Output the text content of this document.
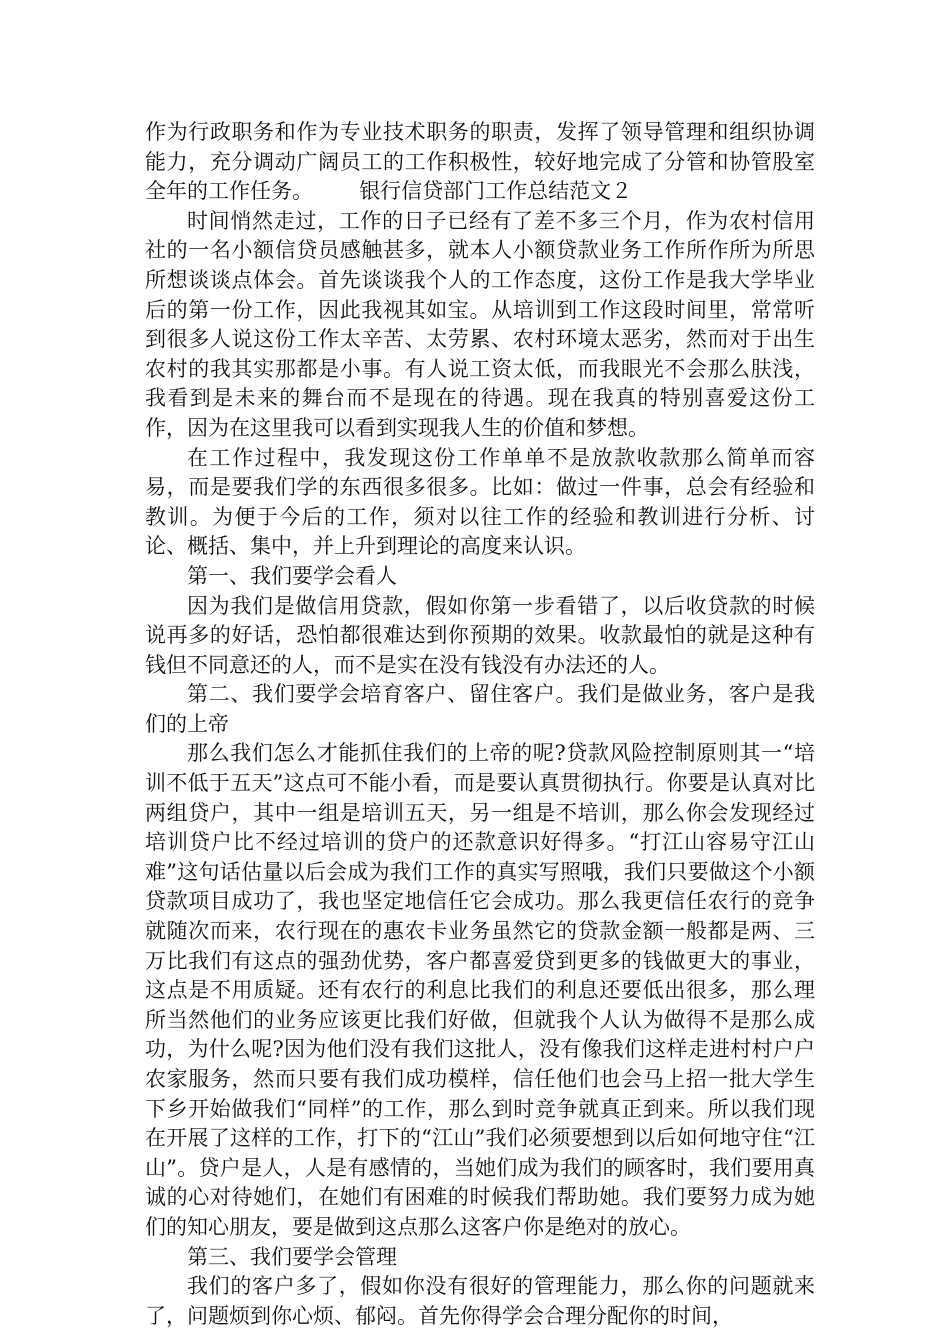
作为行政职务和作为专业技术职务的职责，发挥了领导管理和组织协调能力，充分调动广阔员工的工作积极性，较好地完成了分管和协管股室全年的工作任务。 银行信贷部门工作总结范文２

时间悄然走过，工作的日子已经有了差不多三个月，作为农村信用社的一名小额信贷员感触甚多，就本人小额贷款业务工作所作所为所思所想谈谈点体会。首先谈谈我个人的工作态度，这份工作是我大学毕业后的第一份工作，因此我视其如宝。从培训到工作这段时间里，常常听到很多人说这份工作太辛苦、太劳累、农村环境太恶劣，然而对于出生农村的我其实那都是小事。有人说工资太低，而我眼光不会那么肤浅，我看到是未来的舞台而不是现在的待遇。现在我真的特别喜爱这份工作，因为在这里我可以看到实现我人生的价值和梦想。

在工作过程中，我发现这份工作单单不是放款收款那么简单而容易，而是要我们学的东西很多很多。比如：做过一件事，总会有经验和教训。为便于今后的工作，须对以往工作的经验和教训进行分析、讨论、概括、集中，并上升到理论的高度来认识。

第一、我们要学会看人

因为我们是做信用贷款，假如你第一步看错了，以后收贷款的时候说再多的好话，恐怕都很难达到你预期的效果。收款最怕的就是这种有钱但不同意还的人，而不是实在没有钱没有办法还的人。

第二、我们要学会培育客户、留住客户。我们是做业务，客户是我们的上帝

那么我们怎么才能抓住我们的上帝的呢?贷款风险控制原则其一“培训不低于五天”这点可不能小看，而是要认真贯彻执行。你要是认真对比两组贷户，其中一组是培训五天，另一组是不培训，那么你会发现经过培训贷户比不经过培训的贷户的还款意识好得多。“打江山容易守江山难”这句话估量以后会成为我们工作的真实写照哦，我们只要做这个小额贷款项目成功了，我也坚定地信任它会成功。那么我更信任农行的竞争就随次而来，农行现在的惠农卡业务虽然它的贷款金额一般都是两、三万比我们有这点的强劲优势，客户都喜爱贷到更多的钱做更大的事业，这点是不用质疑。还有农行的利息比我们的利息还要低出很多，那么理所当然他们的业务应该更比我们好做，但就我个人认为做得不是那么成功，为什么呢?因为他们没有我们这批人，没有像我们这样走进村村户户农家服务，然而只要有我们成功模样，信任他们也会马上招一批大学生下乡开始做我们“同样”的工作，那么到时竞争就真正到来。所以我们现在开展了这样的工作，打下的“江山”我们必须要想到以后如何地守住“江山”。贷户是人，人是有感情的，当她们成为我们的顾客时，我们要用真诚的心对待她们，在她们有困难的时候我们帮助她。我们要努力成为她们的知心朋友，要是做到这点那么这客户你是绝对的放心。

第三、我们要学会管理

我们的客户多了，假如你没有很好的管理能力，那么你的问题就来了，问题烦到你心烦、郁闷。首先你得学会合理分配你的时间，
